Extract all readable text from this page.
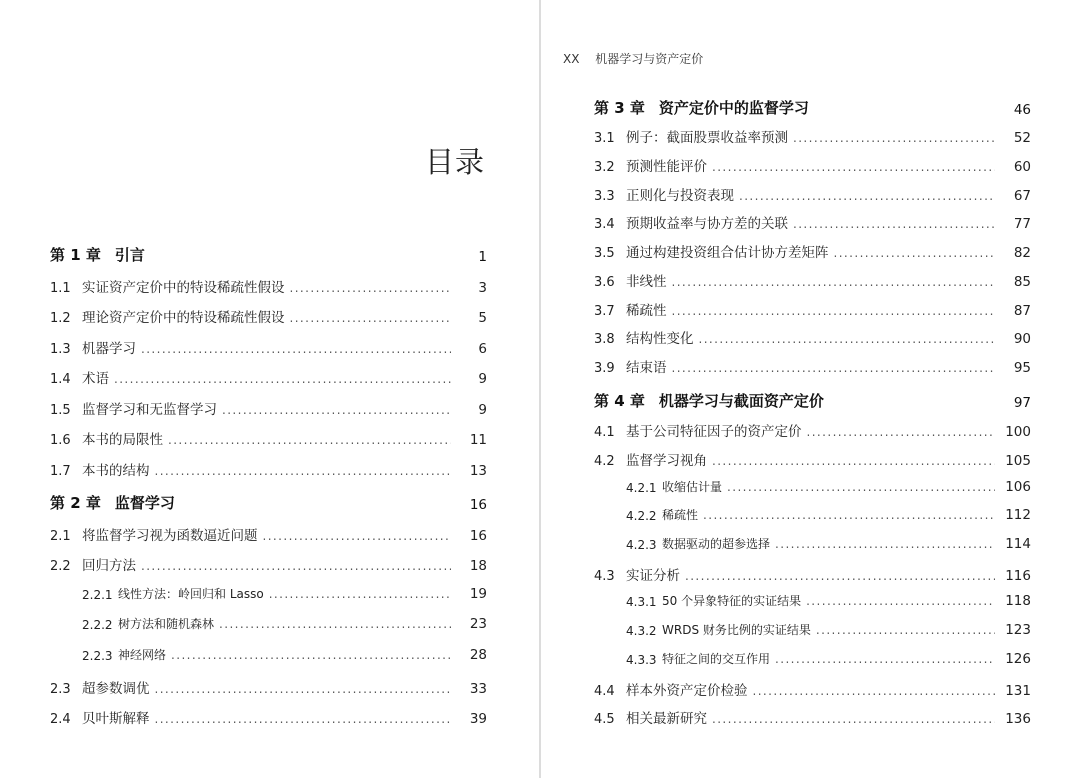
目录
第 1 章 引言	1
1.1 实证资产定价中的特设稀疏性假设 .....	3
1.2 理论资产定价中的特设稀疏性假设 .....	5
1.3 机器学习 .....	6
1.4 术语 .....	9
1.5 监督学习和无监督学习 .....	9
1.6 本书的局限性 .....	11
1.7 本书的结构 .....	13
第 2 章 监督学习	16
2.1 将监督学习视为函数逼近问题 .....	16
2.2 回归方法 .....	18
2.2.1 线性方法：岭回归和 Lasso .....	19
2.2.2 树方法和随机森林 .....	23
2.2.3 神经网络 .....	28
2.3 超参数调优 .....	33
2.4 贝叶斯解释 .....	39
XX 机器学习与资产定价
第 3 章 资产定价中的监督学习	46
3.1 例子：截面股票收益率预测 .....	52
3.2 预测性能评价 .....	60
3.3 正则化与投资表现 .....	67
3.4 预期收益率与协方差的关联 .....	77
3.5 通过构建投资组合估计协方差矩阵 .....	82
3.6 非线性 .....	85
3.7 稀疏性 .....	87
3.8 结构性变化 .....	90
3.9 结束语 .....	95
第 4 章 机器学习与截面资产定价	97
4.1 基于公司特征因子的资产定价 .....	100
4.2 监督学习视角 .....	105
4.2.1 收缩估计量 .....	106
4.2.2 稀疏性 .....	112
4.2.3 数据驱动的超参选择 .....	114
4.3 实证分析 .....	116
4.3.1 50 个异象特征的实证结果 .....	118
4.3.2 WRDS 财务比例的实证结果 .....	123
4.3.3 特征之间的交互作用 .....	126
4.4 样本外资产定价检验 .....	131
4.5 相关最新研究 .....	136
